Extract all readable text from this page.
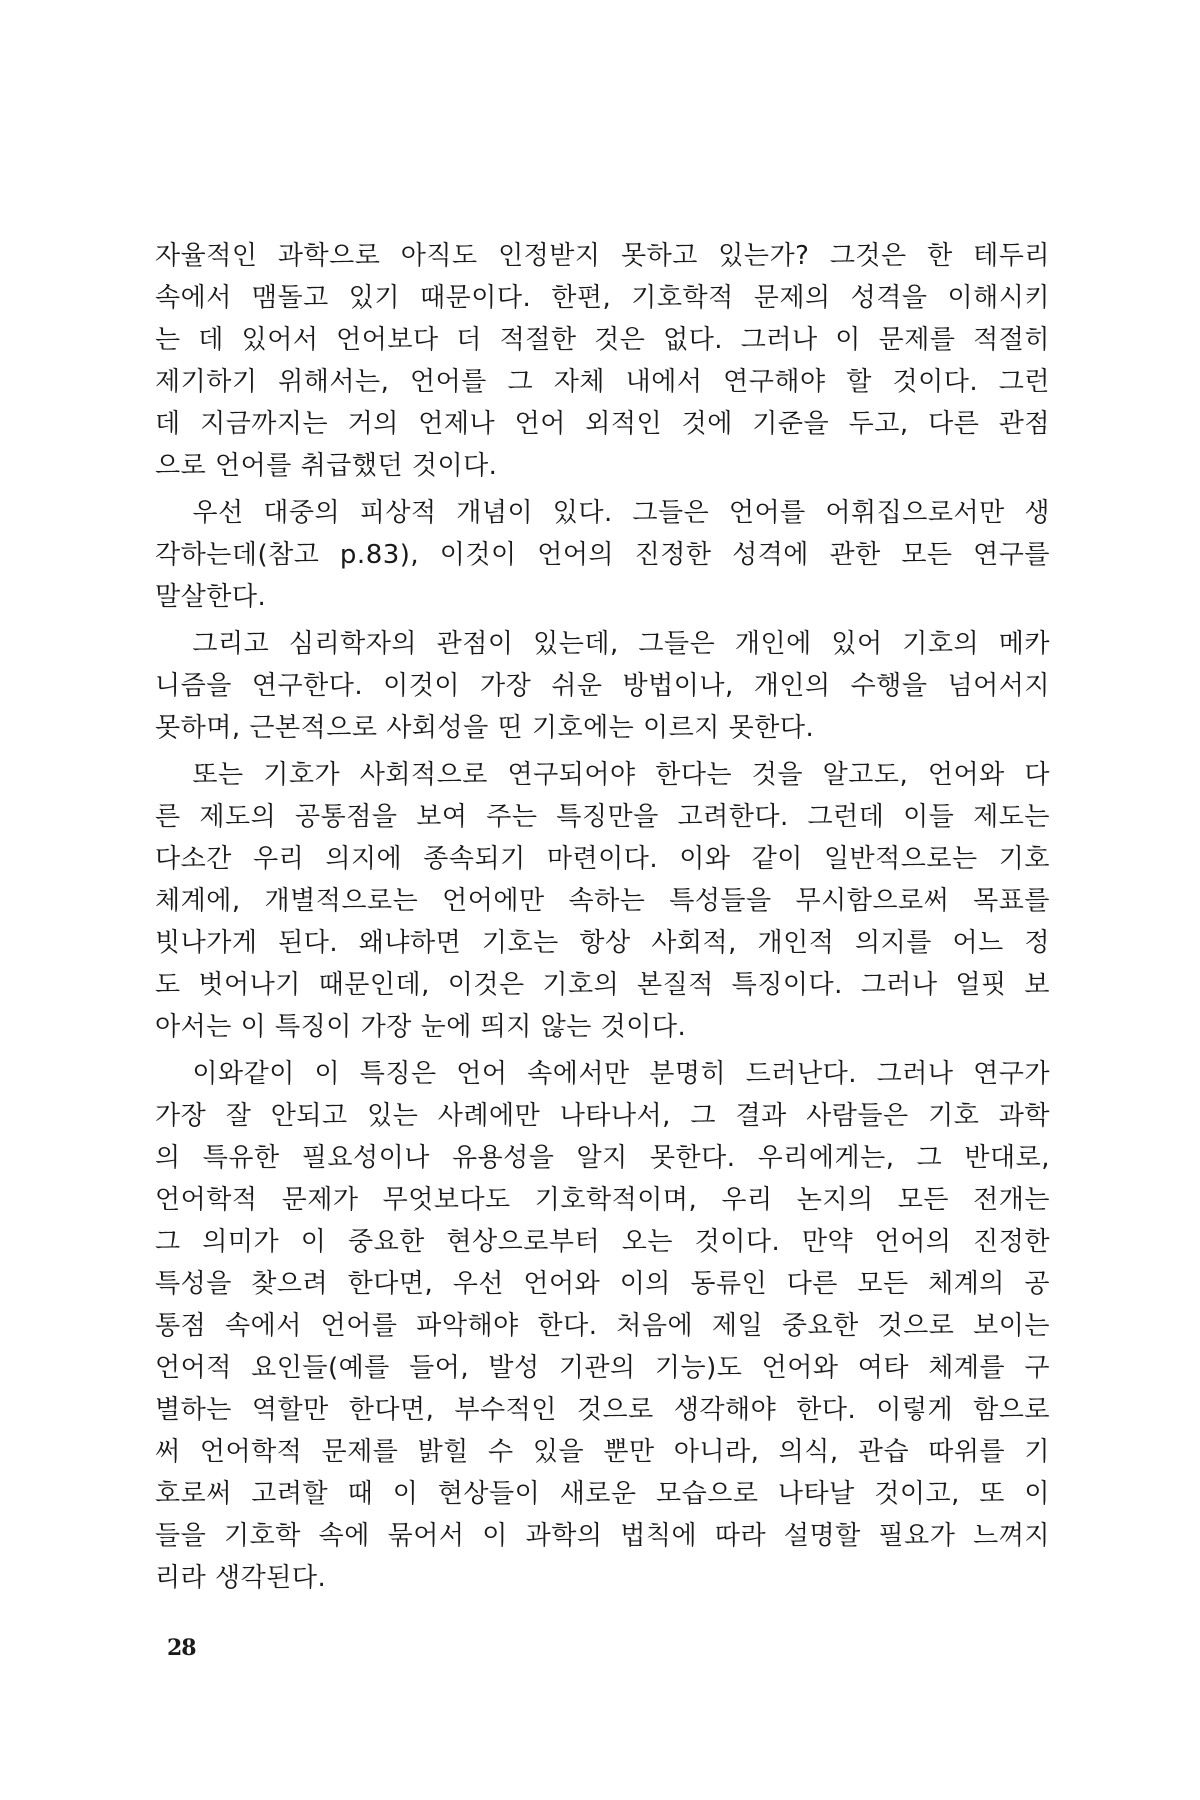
자율적인 과학으로 아직도 인정받지 못하고 있는가? 그것은 한 테두리
속에서 맴돌고 있기 때문이다. 한편, 기호학적 문제의 성격을 이해시키
는 데 있어서 언어보다 더 적절한 것은 없다. 그러나 이 문제를 적절히
제기하기 위해서는, 언어를 그 자체 내에서 연구해야 할 것이다. 그런
데 지금까지는 거의 언제나 언어 외적인 것에 기준을 두고, 다른 관점
으로 언어를 취급했던 것이다.
　우선 대중의 피상적 개념이 있다. 그들은 언어를 어휘집으로서만 생
각하는데(참고 p.83), 이것이 언어의 진정한 성격에 관한 모든 연구를
말살한다.
　그리고 심리학자의 관점이 있는데, 그들은 개인에 있어 기호의 메카
니즘을 연구한다. 이것이 가장 쉬운 방법이나, 개인의 수행을 넘어서지
못하며, 근본적으로 사회성을 띤 기호에는 이르지 못한다.
　또는 기호가 사회적으로 연구되어야 한다는 것을 알고도, 언어와 다
른 제도의 공통점을 보여 주는 특징만을 고려한다. 그런데 이들 제도는
다소간 우리 의지에 종속되기 마련이다. 이와 같이 일반적으로는 기호
체계에, 개별적으로는 언어에만 속하는 특성들을 무시함으로써 목표를
빗나가게 된다. 왜냐하면 기호는 항상 사회적, 개인적 의지를 어느 정
도 벗어나기 때문인데, 이것은 기호의 본질적 특징이다. 그러나 얼핏 보
아서는 이 특징이 가장 눈에 띄지 않는 것이다.
　이와같이 이 특징은 언어 속에서만 분명히 드러난다. 그러나 연구가
가장 잘 안되고 있는 사례에만 나타나서, 그 결과 사람들은 기호 과학
의 특유한 필요성이나 유용성을 알지 못한다. 우리에게는, 그 반대로,
언어학적 문제가 무엇보다도 기호학적이며, 우리 논지의 모든 전개는
그 의미가 이 중요한 현상으로부터 오는 것이다. 만약 언어의 진정한
특성을 찾으려 한다면, 우선 언어와 이의 동류인 다른 모든 체계의 공
통점 속에서 언어를 파악해야 한다. 처음에 제일 중요한 것으로 보이는
언어적 요인들(예를 들어, 발성 기관의 기능)도 언어와 여타 체계를 구
별하는 역할만 한다면, 부수적인 것으로 생각해야 한다. 이렇게 함으로
써 언어학적 문제를 밝힐 수 있을 뿐만 아니라, 의식, 관습 따위를 기
호로써 고려할 때 이 현상들이 새로운 모습으로 나타날 것이고, 또 이
들을 기호학 속에 묶어서 이 과학의 법칙에 따라 설명할 필요가 느껴지
리라 생각된다.
28
